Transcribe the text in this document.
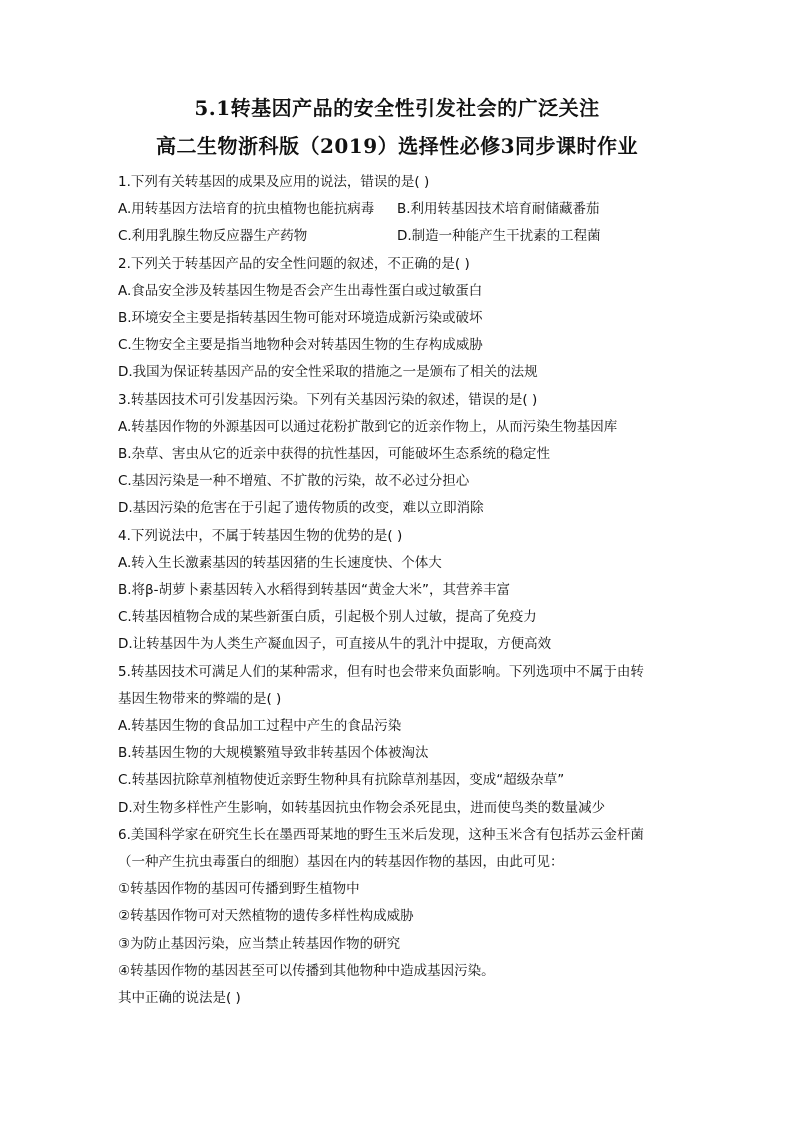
5.1转基因产品的安全性引发社会的广泛关注
高二生物浙科版（2019）选择性必修3同步课时作业
1.下列有关转基因的成果及应用的说法，错误的是( )
A.用转基因方法培育的抗虫植物也能抗病毒	B.利用转基因技术培育耐储藏番茄
C.利用乳腺生物反应器生产药物	D.制造一种能产生干扰素的工程菌
2.下列关于转基因产品的安全性问题的叙述，不正确的是( )
A.食品安全涉及转基因生物是否会产生出毒性蛋白或过敏蛋白
B.环境安全主要是指转基因生物可能对环境造成新污染或破坏
C.生物安全主要是指当地物种会对转基因生物的生存构成威胁
D.我国为保证转基因产品的安全性采取的措施之一是颁布了相关的法规
3.转基因技术可引发基因污染。下列有关基因污染的叙述，错误的是( )
A.转基因作物的外源基因可以通过花粉扩散到它的近亲作物上，从而污染生物基因库
B.杂草、害虫从它的近亲中获得的抗性基因，可能破坏生态系统的稳定性
C.基因污染是一种不增殖、不扩散的污染，故不必过分担心
D.基因污染的危害在于引起了遗传物质的改变，难以立即消除
4.下列说法中，不属于转基因生物的优势的是( )
A.转入生长激素基因的转基因猪的生长速度快、个体大
B.将β-胡萝卜素基因转入水稻得到转基因“黄金大米”，其营养丰富
C.转基因植物合成的某些新蛋白质，引起极个别人过敏，提高了免疫力
D.让转基因牛为人类生产凝血因子，可直接从牛的乳汁中提取，方便高效
5.转基因技术可满足人们的某种需求，但有时也会带来负面影响。下列选项中不属于由转
基因生物带来的弊端的是( )
A.转基因生物的食品加工过程中产生的食品污染
B.转基因生物的大规模繁殖导致非转基因个体被淘汰
C.转基因抗除草剂植物使近亲野生物种具有抗除草剂基因，变成“超级杂草”
D.对生物多样性产生影响，如转基因抗虫作物会杀死昆虫，进而使鸟类的数量减少
6.美国科学家在研究生长在墨西哥某地的野生玉米后发现，这种玉米含有包括苏云金杆菌
（一种产生抗虫毒蛋白的细胞）基因在内的转基因作物的基因，由此可见：
①转基因作物的基因可传播到野生植物中
②转基因作物可对天然植物的遗传多样性构成威胁
③为防止基因污染，应当禁止转基因作物的研究
④转基因作物的基因甚至可以传播到其他物种中造成基因污染。
其中正确的说法是( )
